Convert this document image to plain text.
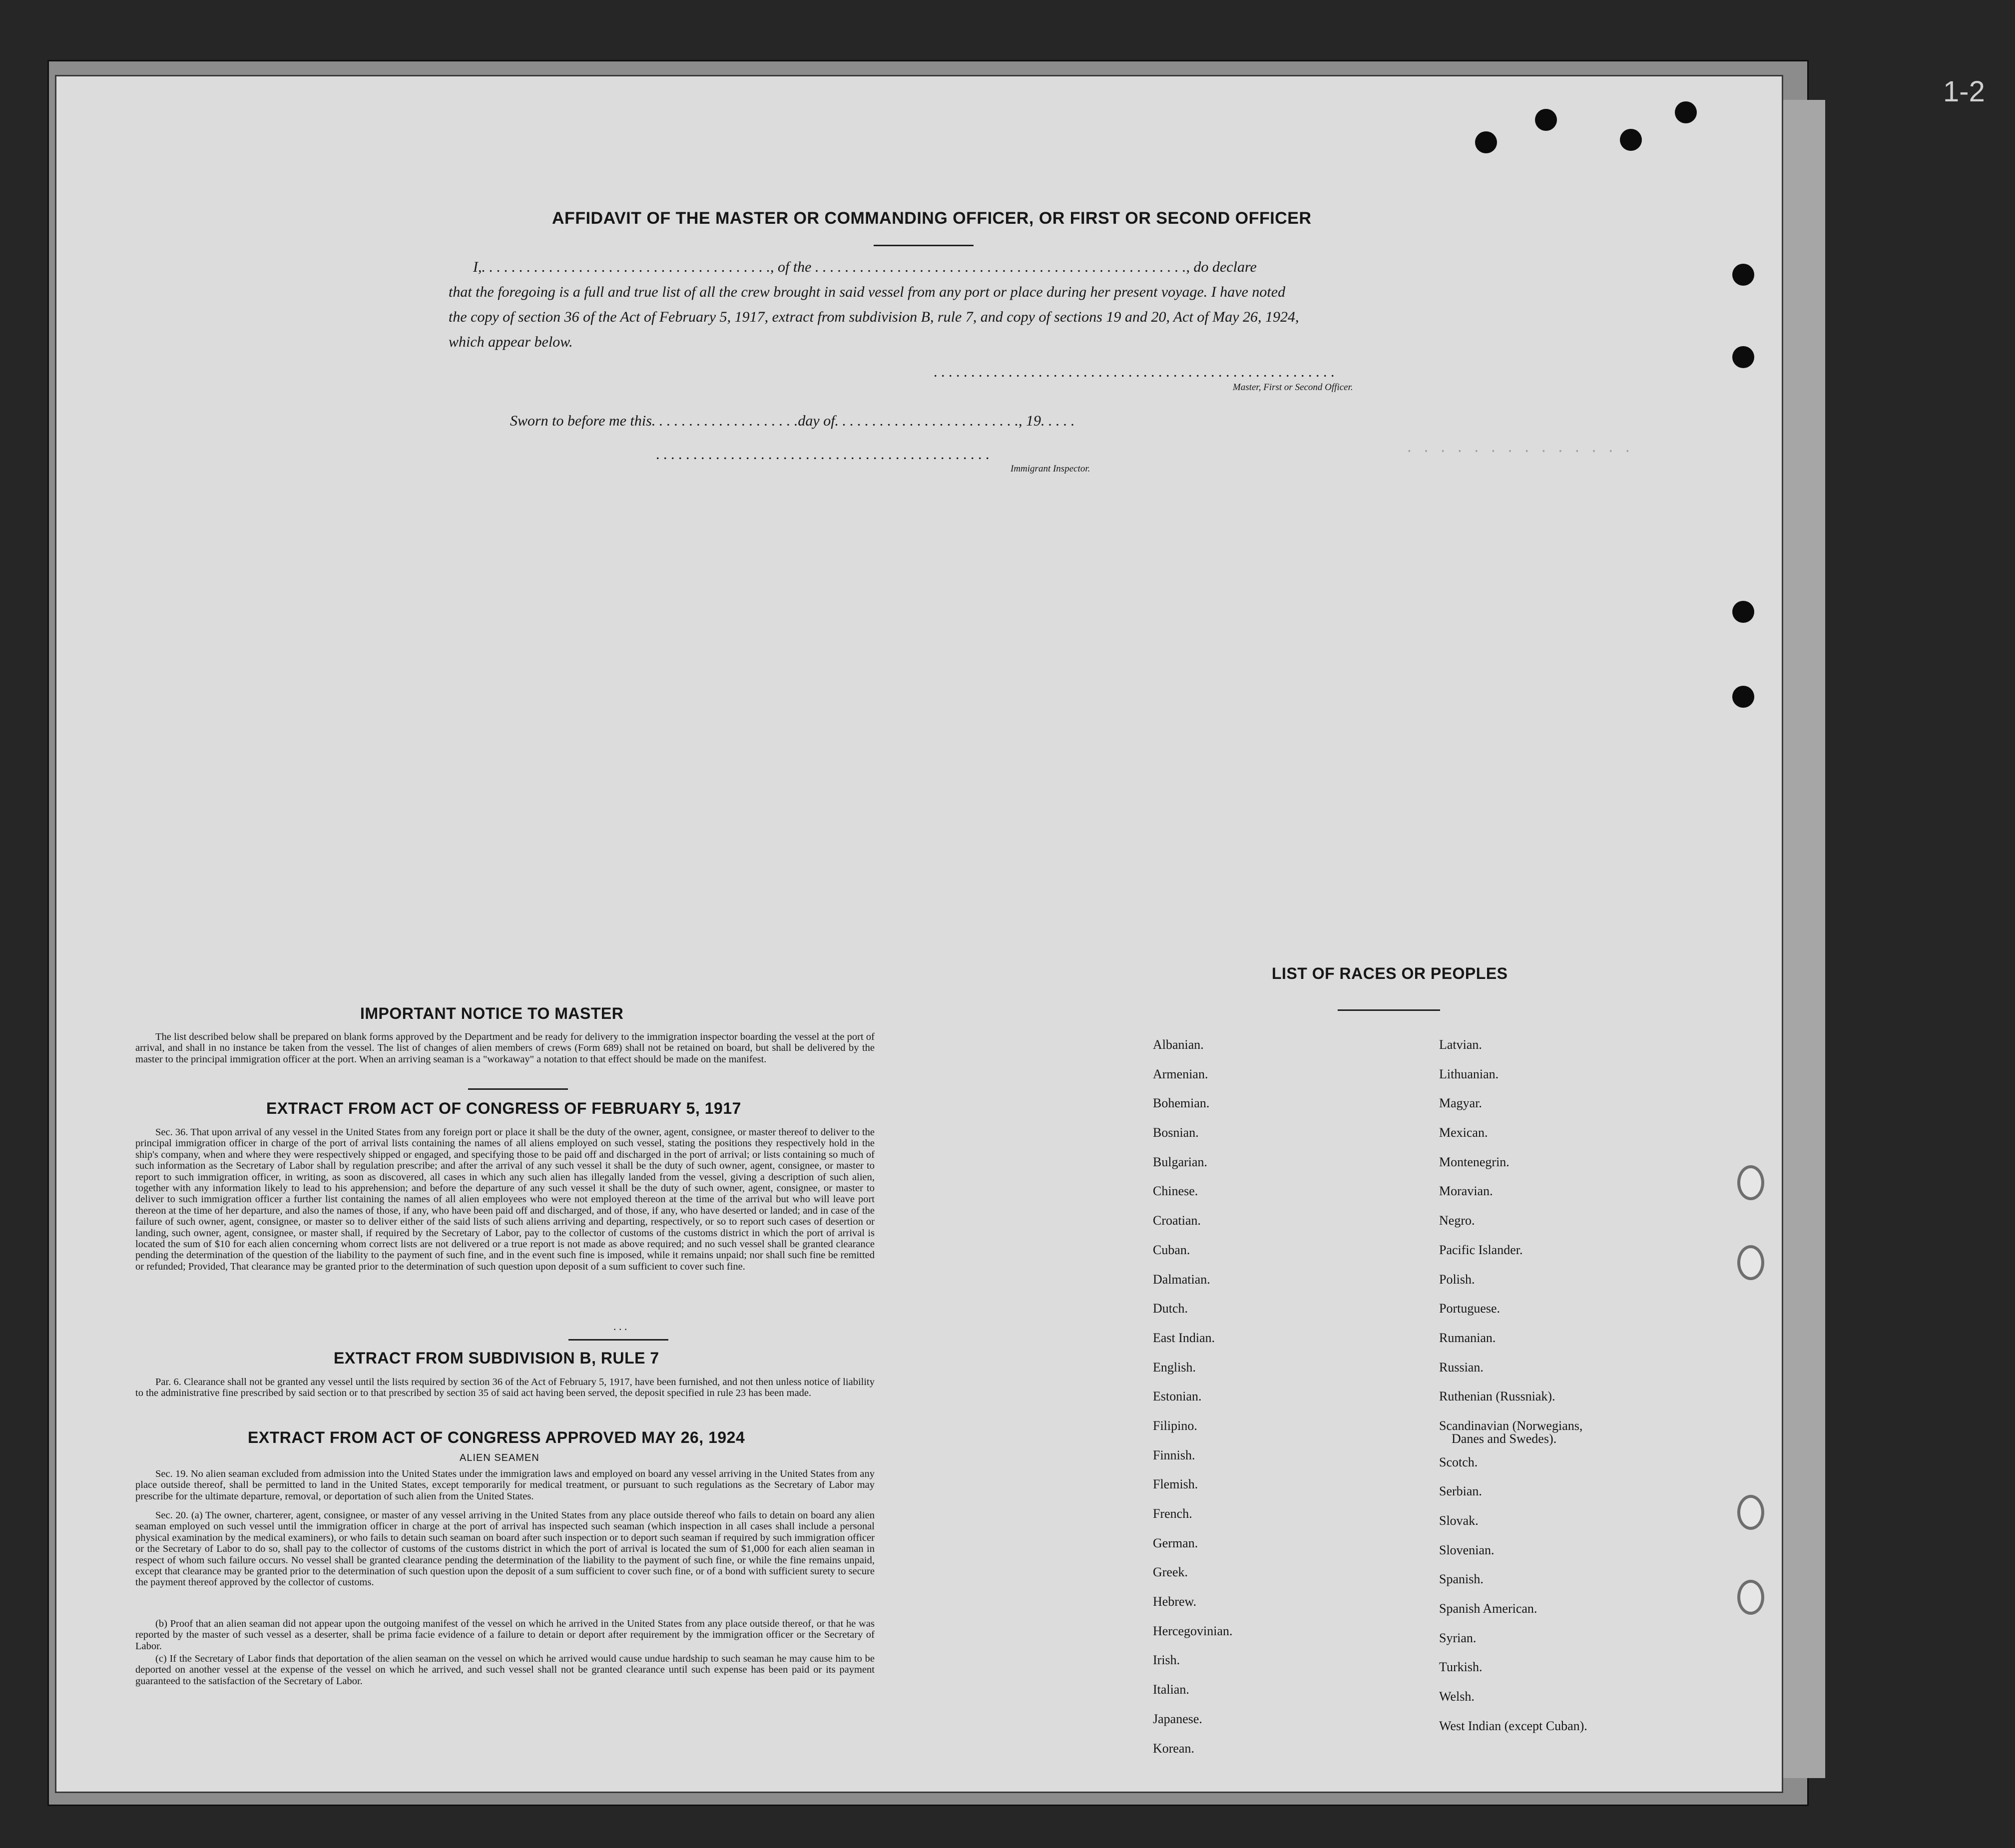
1-2
. . . . . . . . . . . . . .
AFFIDAVIT OF THE MASTER OR COMMANDING OFFICER, OR FIRST OR SECOND OFFICER
I,. . . . . . . . . . . . . . . . . . . . . . . . . . . . . . . . . . . . . . ., of the . . . . . . . . . . . . . . . . . . . . . . . . . . . . . . . . . . . . . . . . . . . . . . . . . ., do declare
that the foregoing is a full and true list of all the crew brought in said vessel from any port or place during her present voyage. I have noted
the copy of section 36 of the Act of February 5, 1917, extract from subdivision B, rule 7, and copy of sections 19 and 20, Act of May 26, 1924,
which appear below.
. . . . . . . . . . . . . . . . . . . . . . . . . . . . . . . . . . . . . . . . . . . . . . . . . . . . . .
Master, First or Second Officer.
Sworn to before me this. . . . . . . . . . . . . . . . . . . .day of. . . . . . . . . . . . . . . . . . . . . . . . ., 19. . . . .
. . . . . . . . . . . . . . . . . . . . . . . . . . . . . . . . . . . . . . . . . . . . .
Immigrant Inspector.
IMPORTANT NOTICE TO MASTER
The list described below shall be prepared on blank forms approved by the Department and be ready for delivery to the immigration inspector boarding the vessel at the port of arrival, and shall in no instance be taken from the vessel. The list of changes of alien members of crews (Form 689) shall not be retained on board, but shall be delivered by the master to the principal immigration officer at the port. When an arriving seaman is a "workaway" a notation to that effect should be made on the manifest.
EXTRACT FROM ACT OF CONGRESS OF FEBRUARY 5, 1917
Sec. 36. That upon arrival of any vessel in the United States from any foreign port or place it shall be the duty of the owner, agent, consignee, or master thereof to deliver to the principal immigration officer in charge of the port of arrival lists containing the names of all aliens employed on such vessel, stating the positions they respectively hold in the ship's company, when and where they were respectively shipped or engaged, and specifying those to be paid off and discharged in the port of arrival; or lists containing so much of such information as the Secretary of Labor shall by regulation prescribe; and after the arrival of any such vessel it shall be the duty of such owner, agent, consignee, or master to report to such immigration officer, in writing, as soon as discovered, all cases in which any such alien has illegally landed from the vessel, giving a description of such alien, together with any information likely to lead to his apprehension; and before the departure of any such vessel it shall be the duty of such owner, agent, consignee, or master to deliver to such immigration officer a further list containing the names of all alien employees who were not employed thereon at the time of the arrival but who will leave port thereon at the time of her departure, and also the names of those, if any, who have been paid off and discharged, and of those, if any, who have deserted or landed; and in case of the failure of such owner, agent, consignee, or master so to deliver either of the said lists of such aliens arriving and departing, respectively, or so to report such cases of desertion or landing, such owner, agent, consignee, or master shall, if required by the Secretary of Labor, pay to the collector of customs of the customs district in which the port of arrival is located the sum of $10 for each alien concerning whom correct lists are not delivered or a true report is not made as above required; and no such vessel shall be granted clearance pending the determination of the question of the liability to the payment of such fine, and in the event such fine is imposed, while it remains unpaid; nor shall such fine be remitted or refunded; Provided, That clearance may be granted prior to the determination of such question upon deposit of a sum sufficient to cover such fine.
. . .
EXTRACT FROM SUBDIVISION B, RULE 7
Par. 6. Clearance shall not be granted any vessel until the lists required by section 36 of the Act of February 5, 1917, have been furnished, and not then unless notice of liability to the administrative fine prescribed by said section or to that prescribed by section 35 of said act having been served, the deposit specified in rule 23 has been made.
EXTRACT FROM ACT OF CONGRESS APPROVED MAY 26, 1924
ALIEN SEAMEN
Sec. 19. No alien seaman excluded from admission into the United States under the immigration laws and employed on board any vessel arriving in the United States from any place outside thereof, shall be permitted to land in the United States, except temporarily for medical treatment, or pursuant to such regulations as the Secretary of Labor may prescribe for the ultimate departure, removal, or deportation of such alien from the United States.
Sec. 20. (a) The owner, charterer, agent, consignee, or master of any vessel arriving in the United States from any place outside thereof who fails to detain on board any alien seaman employed on such vessel until the immigration officer in charge at the port of arrival has inspected such seaman (which inspection in all cases shall include a personal physical examination by the medical examiners), or who fails to detain such seaman on board after such inspection or to deport such seaman if required by such immigration officer or the Secretary of Labor to do so, shall pay to the collector of customs of the customs district in which the port of arrival is located the sum of $1,000 for each alien seaman in respect of whom such failure occurs. No vessel shall be granted clearance pending the determination of the liability to the payment of such fine, or while the fine remains unpaid, except that clearance may be granted prior to the determination of such question upon the deposit of a sum sufficient to cover such fine, or of a bond with sufficient surety to secure the payment thereof approved by the collector of customs.
(b) Proof that an alien seaman did not appear upon the outgoing manifest of the vessel on which he arrived in the United States from any place outside thereof, or that he was reported by the master of such vessel as a deserter, shall be prima facie evidence of a failure to detain or deport after requirement by the immigration officer or the Secretary of Labor.
(c) If the Secretary of Labor finds that deportation of the alien seaman on the vessel on which he arrived would cause undue hardship to such seaman he may cause him to be deported on another vessel at the expense of the vessel on which he arrived, and such vessel shall not be granted clearance until such expense has been paid or its payment guaranteed to the satisfaction of the Secretary of Labor.
LIST OF RACES OR PEOPLES
Albanian.
Armenian.
Bohemian.
Bosnian.
Bulgarian.
Chinese.
Croatian.
Cuban.
Dalmatian.
Dutch.
East Indian.
English.
Estonian.
Filipino.
Finnish.
Flemish.
French.
German.
Greek.
Hebrew.
Hercegovinian.
Irish.
Italian.
Japanese.
Korean.
Latvian.
Lithuanian.
Magyar.
Mexican.
Montenegrin.
Moravian.
Negro.
Pacific Islander.
Polish.
Portuguese.
Rumanian.
Russian.
Ruthenian (Russniak).
Scandinavian (Norwegians,
Danes and Swedes).
Scotch.
Serbian.
Slovak.
Slovenian.
Spanish.
Spanish American.
Syrian.
Turkish.
Welsh.
West Indian (except Cuban).
